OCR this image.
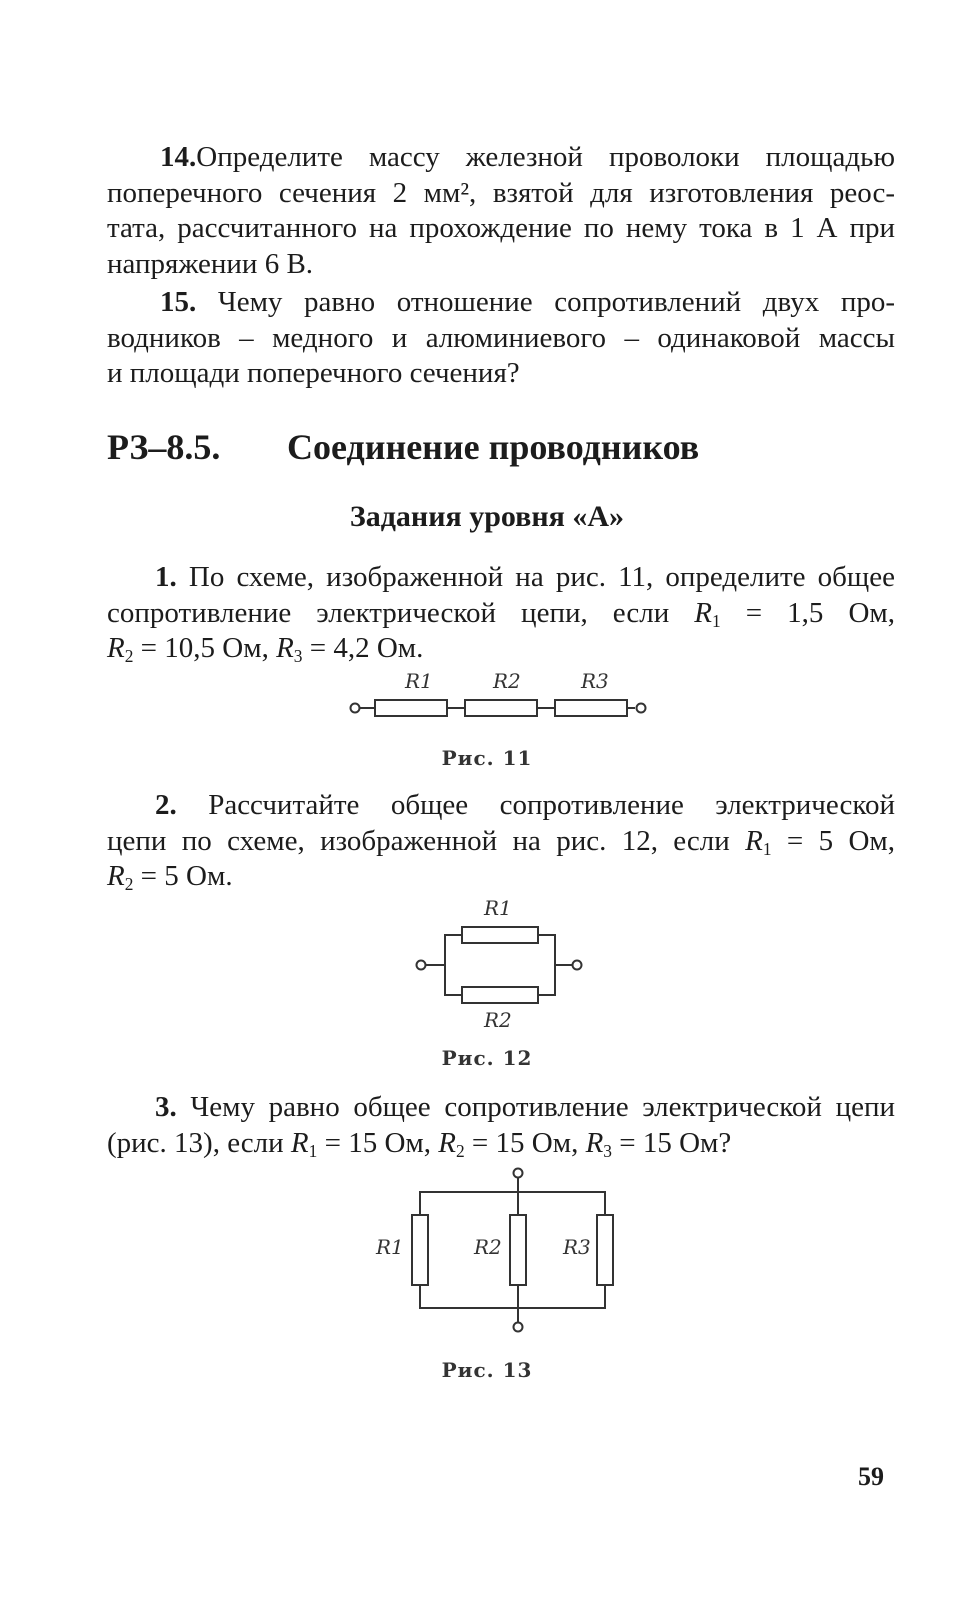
14.Определите массу железной проволоки площадью
поперечного сечения 2 мм², взятой для изготовления реос-
тата, рассчитанного на прохождение по нему тока в 1 А при
напряжении 6 В.
15. Чему равно отношение сопротивлений двух про-
водников – медного и алюминиевого – одинаковой массы
и площади поперечного сечения?
РЗ–8.5. Соединение проводников
Задания уровня «А»
1. По схеме, изображенной на рис. 11, определите общее
сопротивление электрической цепи, если $R_1 = 1,5$ Ом,
$R_2 = 10,5$ Ом, $R_3 = 4,2$ Ом.
R1	R2	R3
Рис. 11
2. Рассчитайте общее сопротивление электрической
цепи по схеме, изображенной на рис. 12, если $R_1 = 5$ Ом,
$R_2 = 5$ Ом.
R1
R2
Рис. 12
3. Чему равно общее сопротивление электрической цепи
(рис. 13), если $R_1 = 15$ Ом, $R_2 = 15$ Ом, $R_3 = 15$ Ом?
R1	R2	R3
Рис. 13
59
